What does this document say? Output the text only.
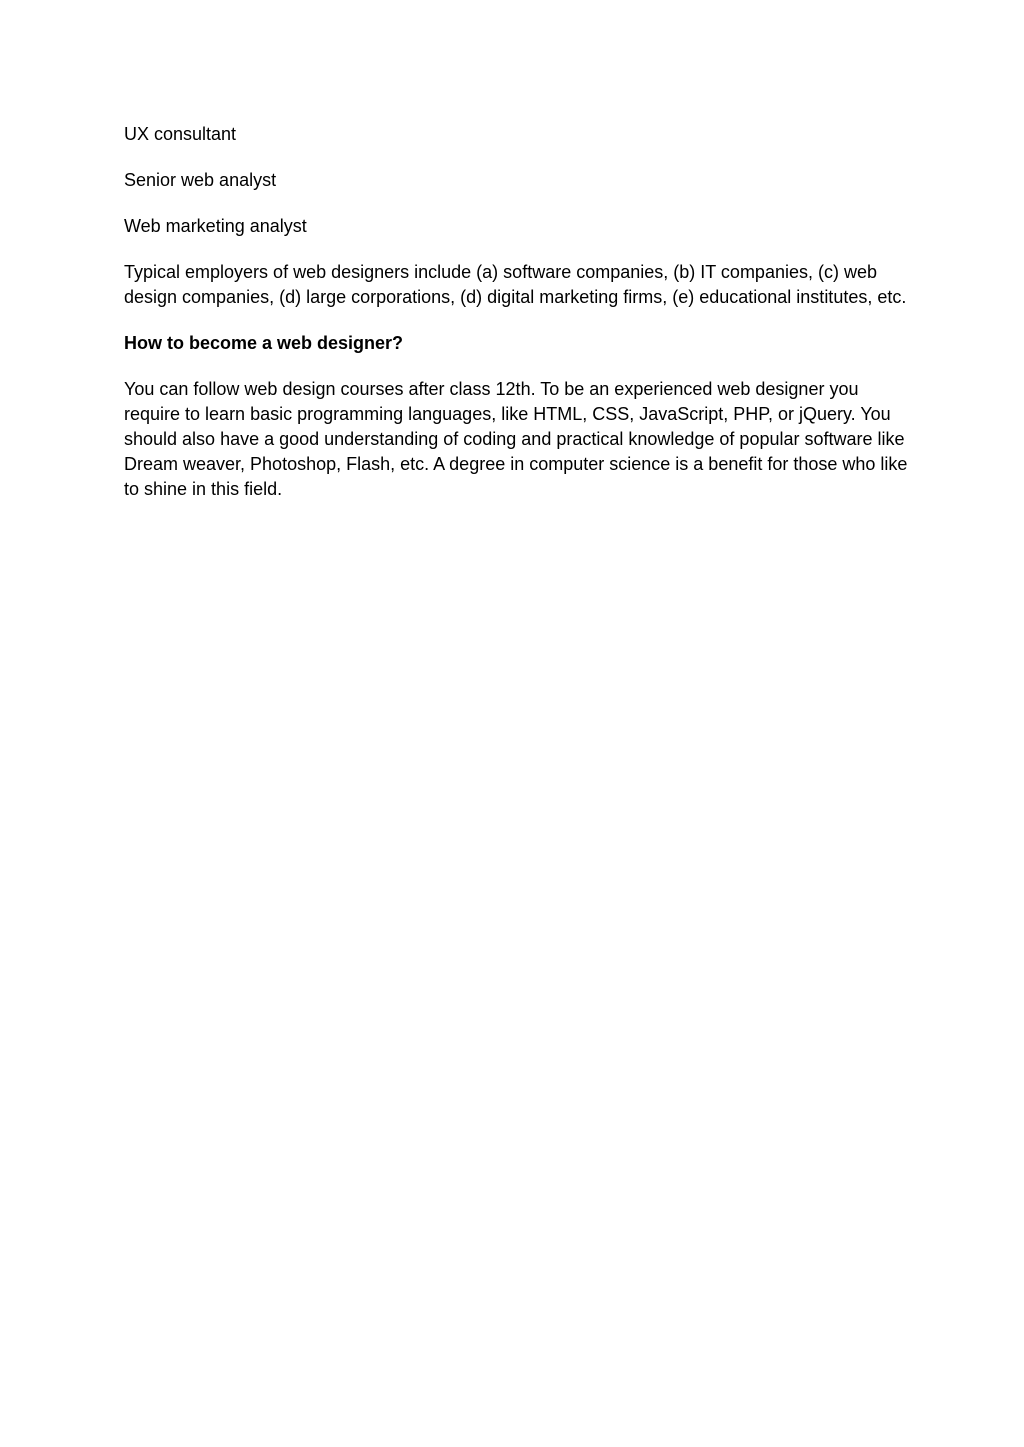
UX consultant

Senior web analyst

Web marketing analyst

Typical employers of web designers include (a) software companies, (b) IT companies, (c) web design companies, (d) large corporations, (d) digital marketing firms, (e) educational institutes, etc.

How to become a web designer?

You can follow web design courses after class 12th. To be an experienced web designer you require to learn basic programming languages, like HTML, CSS, JavaScript, PHP, or jQuery. You should also have a good understanding of coding and practical knowledge of popular software like Dream weaver, Photoshop, Flash, etc. A degree in computer science is a benefit for those who like to shine in this field.
